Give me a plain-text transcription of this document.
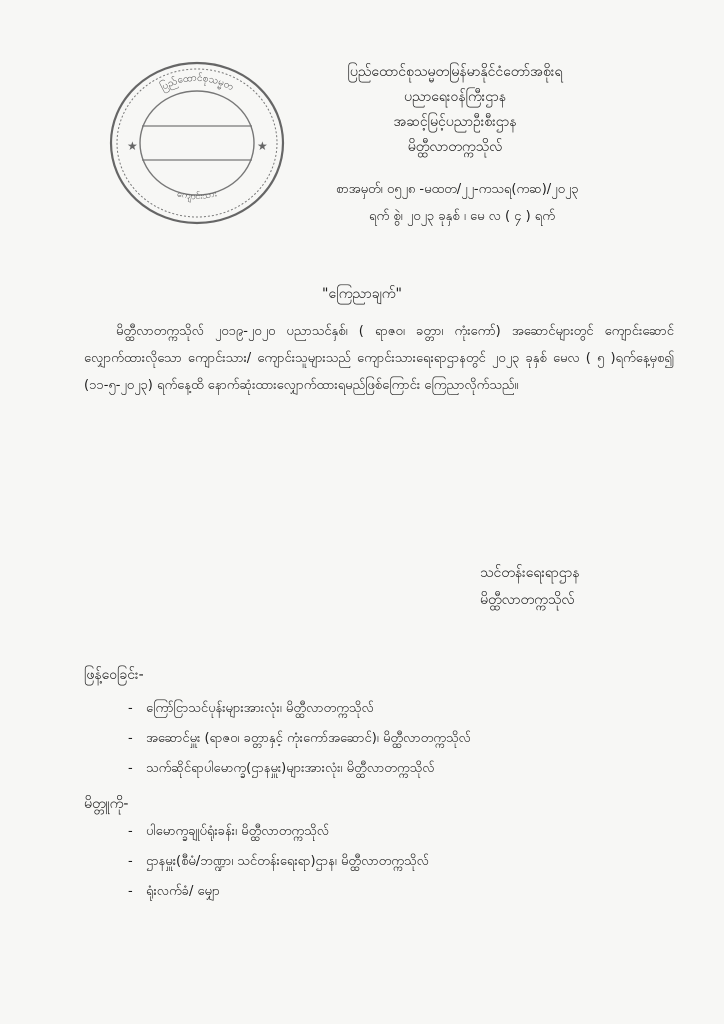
ပြည်ထောင်စုသမ္မတ
ကျောင်းသား
★	★
ပြည်ထောင်စုသမ္မတမြန်မာနိုင်ငံတော်အစိုးရ
ပညာရေးဝန်ကြီးဌာန
အဆင့်မြင့်ပညာဦးစီးဌာန
မိတ္ထီလာတက္ကသိုလ်
စာအမှတ်၊ ၀၅၂၈ -မထတ/၂၂-ကသရ(ကဆ)/၂၀၂၃
ရက် စွဲ၊ ၂၀၂၃ ခုနှစ် ၊ မေ လ ( ၄ ) ရက်
"ကြေညာချက်"
မိတ္ထီလာတက္ကသိုလ် ၂၀၁၉-၂၀၂၀ ပညာသင်နှစ်၊ ( ရာဇဝ၊ ခတ္တာ၊ ကုံးကော်) အဆောင်များတွင် ကျောင်းဆောင်လျှောက်ထားလိုသော ကျောင်းသား/ ကျောင်းသူများသည် ကျောင်းသားရေးရာဌာနတွင် ၂၀၂၃ ခုနှစ် မေလ ( ၅ )ရက်နေ့မှစ၍ (၁၁-၅-၂၀၂၃) ရက်နေ့ထိ နောက်ဆုံးထားလျှောက်ထားရမည်ဖြစ်ကြောင်း ကြေညာလိုက်သည်။
သင်တန်းရေးရာဌာန
မိတ္ထီလာတက္ကသိုလ်
ဖြန့်ဝေခြင်း-
-	ကြော်ငြာသင်ပုန်းများအားလုံး၊ မိတ္ထီလာတက္ကသိုလ်
-	အဆောင်မှူး (ရာဇဝ၊ ခတ္တာနှင့် ကုံးကော်အဆောင်)၊ မိတ္ထီလာတက္ကသိုလ်
-	သက်ဆိုင်ရာပါမောက္ခ(ဌာနမှူး)များအားလုံး၊ မိတ္ထီလာတက္ကသိုလ်
မိတ္တူကို-
-	ပါမောက္ခချုပ်ရုံးခန်း၊ မိတ္ထီလာတက္ကသိုလ်
-	ဌာနမှူး(စီမံ/ဘဏ္ဍာ၊ သင်တန်းရေးရာ)ဌာန၊ မိတ္ထီလာတက္ကသိုလ်
-	ရုံးလက်ခံ/ မျှော
